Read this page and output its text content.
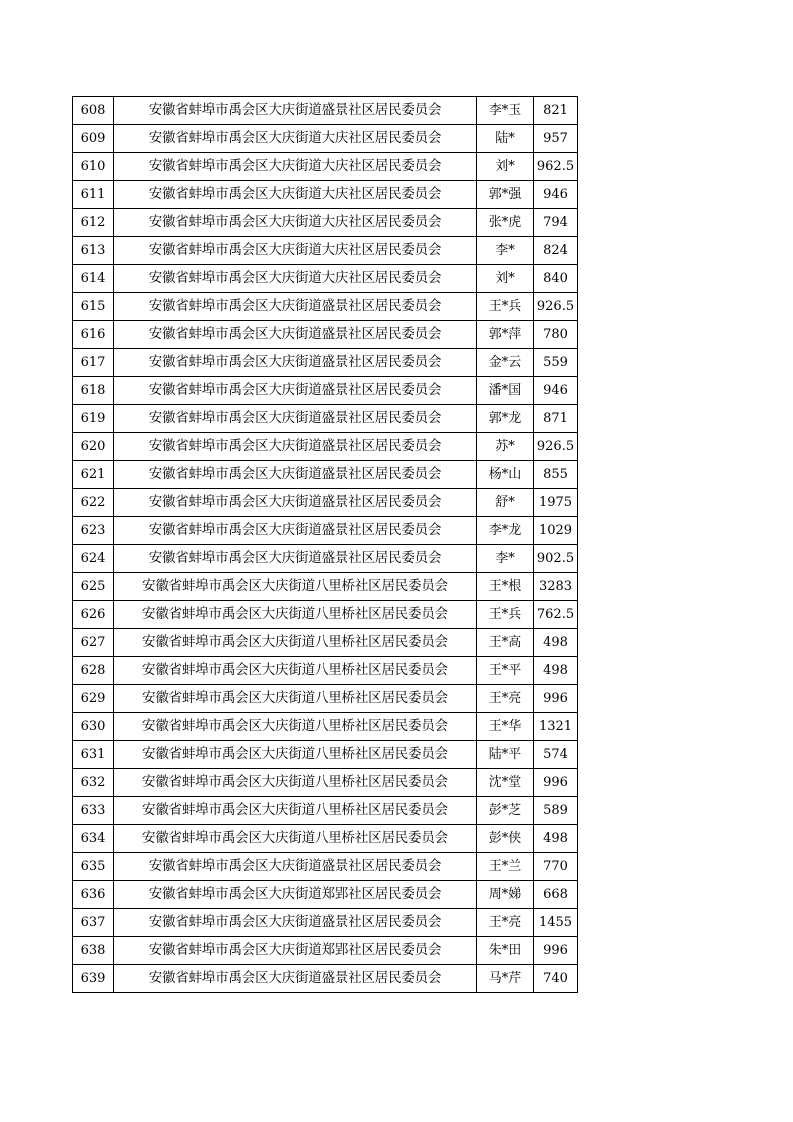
608	安徽省蚌埠市禹会区大庆街道盛景社区居民委员会	李*玉	821
609	安徽省蚌埠市禹会区大庆街道大庆社区居民委员会	陆*	957
610	安徽省蚌埠市禹会区大庆街道大庆社区居民委员会	刘*	962.5
611	安徽省蚌埠市禹会区大庆街道大庆社区居民委员会	郭*强	946
612	安徽省蚌埠市禹会区大庆街道大庆社区居民委员会	张*虎	794
613	安徽省蚌埠市禹会区大庆街道大庆社区居民委员会	李*	824
614	安徽省蚌埠市禹会区大庆街道大庆社区居民委员会	刘*	840
615	安徽省蚌埠市禹会区大庆街道盛景社区居民委员会	王*兵	926.5
616	安徽省蚌埠市禹会区大庆街道盛景社区居民委员会	郭*萍	780
617	安徽省蚌埠市禹会区大庆街道盛景社区居民委员会	金*云	559
618	安徽省蚌埠市禹会区大庆街道盛景社区居民委员会	潘*国	946
619	安徽省蚌埠市禹会区大庆街道盛景社区居民委员会	郭*龙	871
620	安徽省蚌埠市禹会区大庆街道盛景社区居民委员会	苏*	926.5
621	安徽省蚌埠市禹会区大庆街道盛景社区居民委员会	杨*山	855
622	安徽省蚌埠市禹会区大庆街道盛景社区居民委员会	舒*	1975
623	安徽省蚌埠市禹会区大庆街道盛景社区居民委员会	李*龙	1029
624	安徽省蚌埠市禹会区大庆街道盛景社区居民委员会	李*	902.5
625	安徽省蚌埠市禹会区大庆街道八里桥社区居民委员会	王*根	3283
626	安徽省蚌埠市禹会区大庆街道八里桥社区居民委员会	王*兵	762.5
627	安徽省蚌埠市禹会区大庆街道八里桥社区居民委员会	王*高	498
628	安徽省蚌埠市禹会区大庆街道八里桥社区居民委员会	王*平	498
629	安徽省蚌埠市禹会区大庆街道八里桥社区居民委员会	王*亮	996
630	安徽省蚌埠市禹会区大庆街道八里桥社区居民委员会	王*华	1321
631	安徽省蚌埠市禹会区大庆街道八里桥社区居民委员会	陆*平	574
632	安徽省蚌埠市禹会区大庆街道八里桥社区居民委员会	沈*堂	996
633	安徽省蚌埠市禹会区大庆街道八里桥社区居民委员会	彭*芝	589
634	安徽省蚌埠市禹会区大庆街道八里桥社区居民委员会	彭*侠	498
635	安徽省蚌埠市禹会区大庆街道盛景社区居民委员会	王*兰	770
636	安徽省蚌埠市禹会区大庆街道郑郢社区居民委员会	周*娣	668
637	安徽省蚌埠市禹会区大庆街道盛景社区居民委员会	王*亮	1455
638	安徽省蚌埠市禹会区大庆街道郑郢社区居民委员会	朱*田	996
639	安徽省蚌埠市禹会区大庆街道盛景社区居民委员会	马*芹	740
